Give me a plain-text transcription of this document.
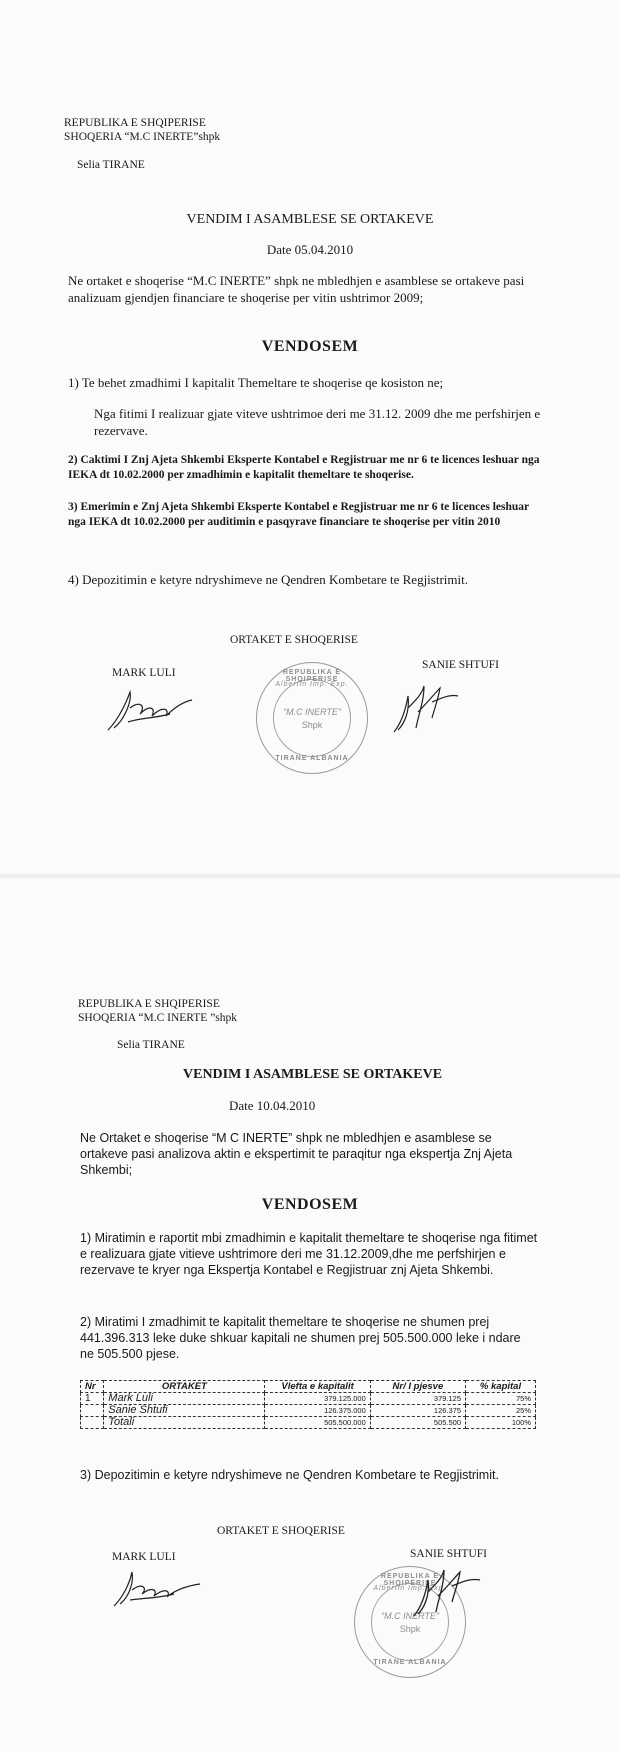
REPUBLIKA E SHQIPERISE
SHOQERIA “M.C INERTE”shpk
Selia TIRANE
VENDIM I ASAMBLESE SE ORTAKEVE
Date 05.04.2010
Ne ortaket e shoqerise “M.C INERTE” shpk ne mbledhjen e asamblese se ortakeve pasi analizuam gjendjen financiare te shoqerise per vitin ushtrimor 2009;
VENDOSEM
1) Te behet zmadhimi I kapitalit Themeltare te shoqerise qe kosiston ne;
Nga fitimi I realizuar gjate viteve ushtrimoe deri me 31.12. 2009 dhe me perfshirjen e rezervave.
2) Caktimi I Znj Ajeta Shkembi Eksperte Kontabel e Regjistruar me nr 6 te licences leshuar nga IEKA dt 10.02.2000 per zmadhimin e kapitalit themeltare te shoqerise.
3) Emerimin e Znj Ajeta Shkembi Eksperte Kontabel e Regjistruar me nr 6 te licences leshuar nga IEKA dt 10.02.2000 per auditimin e pasqyrave financiare te shoqerise per vitin 2010
4) Depozitimin e ketyre ndryshimeve ne Qendren Kombetare te Regjistrimit.
ORTAKET E SHOQERISE
MARK LULI
SANIE SHTUFI
REPUBLIKA E SHQIPERISE
Albertin Imp. Exp.
“M.C INERTE”
Shpk
TIRANE ALBANIA
REPUBLIKA E SHQIPERISE
SHOQERIA “M.C INERTE ”shpk
Selia TIRANE
VENDIM I ASAMBLESE SE ORTAKEVE
Date 10.04.2010
Ne Ortaket e shoqerise “M C INERTE” shpk ne mbledhjen e asamblese se ortakeve pasi analizova aktin e ekspertimit te paraqitur nga ekspertja Znj Ajeta Shkembi;
VENDOSEM
1) Miratimin e raportit mbi zmadhimin e kapitalit themeltare te shoqerise nga fitimet e realizuara gjate vitieve ushtrimore deri me 31.12.2009,dhe me perfshirjen e rezervave te kryer nga Ekspertja Kontabel e Regjistruar znj Ajeta Shkembi.
2) Miratimi I zmadhimit te kapitalit themeltare te shoqerise ne shumen prej 441.396.313 leke duke shkuar kapitali ne shumen prej 505.500.000 leke i ndare ne 505.500 pjese.
Nr	ORTAKET	Vlefta e kapitalit	Nr/ I pjesve	% kapital
1	Mark Luli	379.125.000	379.125	75%
	Sanie Shtufi	126.375.000	126.375	25%
	Totali	505.500.000	505.500	100%
3) Depozitimin e ketyre ndryshimeve ne Qendren Kombetare te Regjistrimit.
ORTAKET E SHOQERISE
MARK LULI	SANIE SHTUFI
REPUBLIKA E SHQIPERISE
Albertin Imp. Exp.
“M.C INERTE”
Shpk
TIRANE ALBANIA
